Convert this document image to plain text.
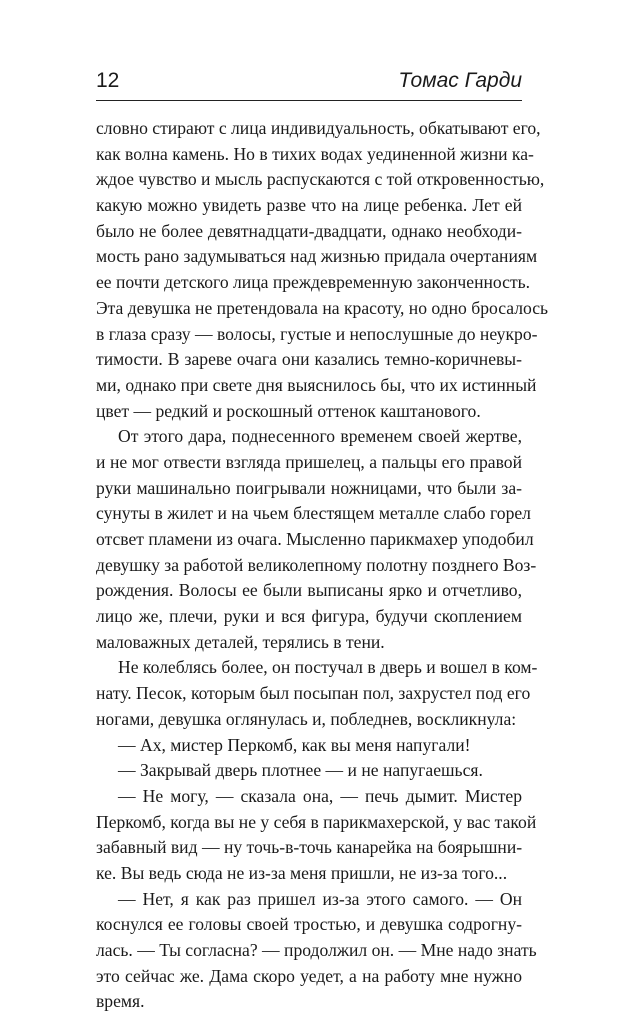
12	Томас Гарди
словно стирают с лица индивидуальность, обкатывают его,
как волна камень. Но в тихих водах уединенной жизни ка-
ждое чувство и мысль распускаются с той откровенностью,
какую можно увидеть разве что на лице ребенка. Лет ей
было не более девятнадцати-двадцати, однако необходи-
мость рано задумываться над жизнью придала очертаниям
ее почти детского лица преждевременную законченность.
Эта девушка не претендовала на красоту, но одно бросалось
в глаза сразу — волосы, густые и непослушные до неукро-
тимости. В зареве очага они казались темно-коричневы-
ми, однако при свете дня выяснилось бы, что их истинный
цвет — редкий и роскошный оттенок каштанового.
От этого дара, поднесенного временем своей жертве,
и не мог отвести взгляда пришелец, а пальцы его правой
руки машинально поигрывали ножницами, что были за-
сунуты в жилет и на чьем блестящем металле слабо горел
отсвет пламени из очага. Мысленно парикмахер уподобил
девушку за работой великолепному полотну позднего Воз-
рождения. Волосы ее были выписаны ярко и отчетливо,
лицо же, плечи, руки и вся фигура, будучи скоплением
маловажных деталей, терялись в тени.
Не колеблясь более, он постучал в дверь и вошел в ком-
нату. Песок, которым был посыпан пол, захрустел под его
ногами, девушка оглянулась и, побледнев, воскликнула:
— Ах, мистер Перкомб, как вы меня напугали!
— Закрывай дверь плотнее — и не напугаешься.
— Не могу, — сказала она, — печь дымит. Мистер
Перкомб, когда вы не у себя в парикмахерской, у вас такой
забавный вид — ну точь-в-точь канарейка на боярышни-
ке. Вы ведь сюда не из-за меня пришли, не из-за того...
— Нет, я как раз пришел из-за этого самого. — Он
коснулся ее головы своей тростью, и девушка содрогну-
лась. — Ты согласна? — продолжил он. — Мне надо знать
это сейчас же. Дама скоро уедет, а на работу мне нужно
время.
